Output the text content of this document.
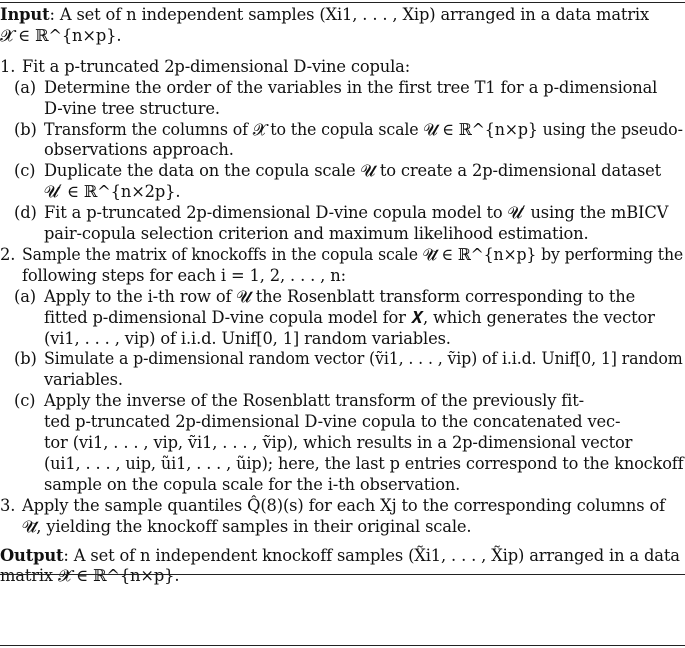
Input: A set of n independent samples (Xi1, . . . , Xip) arranged in a data matrix
𝓧 ∈ ℝ^{n×p}.
1. Fit a p-truncated 2p-dimensional D-vine copula:
(a) Determine the order of the variables in the first tree T1 for a p-dimensional
D-vine tree structure.
(b) Transform the columns of 𝓧 to the copula scale 𝓤 ∈ ℝ^{n×p} using the pseudo-
observations approach.
(c) Duplicate the data on the copula scale 𝓤 to create a 2p-dimensional dataset
𝓤′ ∈ ℝ^{n×2p}.
(d) Fit a p-truncated 2p-dimensional D-vine copula model to 𝓤′ using the mBICV
pair-copula selection criterion and maximum likelihood estimation.
2. Sample the matrix of knockoffs in the copula scale 𝓤̃ ∈ ℝ^{n×p} by performing the
following steps for each i = 1, 2, . . . , n:
(a) Apply to the i-th row of 𝓤 the Rosenblatt transform corresponding to the
fitted p-dimensional D-vine copula model for 𝑿, which generates the vector
(vi1, . . . , vip) of i.i.d. Unif[0, 1] random variables.
(b) Simulate a p-dimensional random vector (ṽi1, . . . , ṽip) of i.i.d. Unif[0, 1] random
variables.
(c) Apply the inverse of the Rosenblatt transform of the previously fit-
ted p-truncated 2p-dimensional D-vine copula to the concatenated vec-
tor (vi1, . . . , vip, ṽi1, . . . , ṽip), which results in a 2p-dimensional vector
(ui1, . . . , uip, ũi1, . . . , ũip); here, the last p entries correspond to the knockoff
sample on the copula scale for the i-th observation.
3. Apply the sample quantiles Q̂(8)(s) for each Xj to the corresponding columns of
𝓤̃, yielding the knockoff samples in their original scale.
Output: A set of n independent knockoff samples (X̃i1, . . . , X̃ip) arranged in a data
matrix 𝓧̃ ∈ ℝ^{n×p}.
